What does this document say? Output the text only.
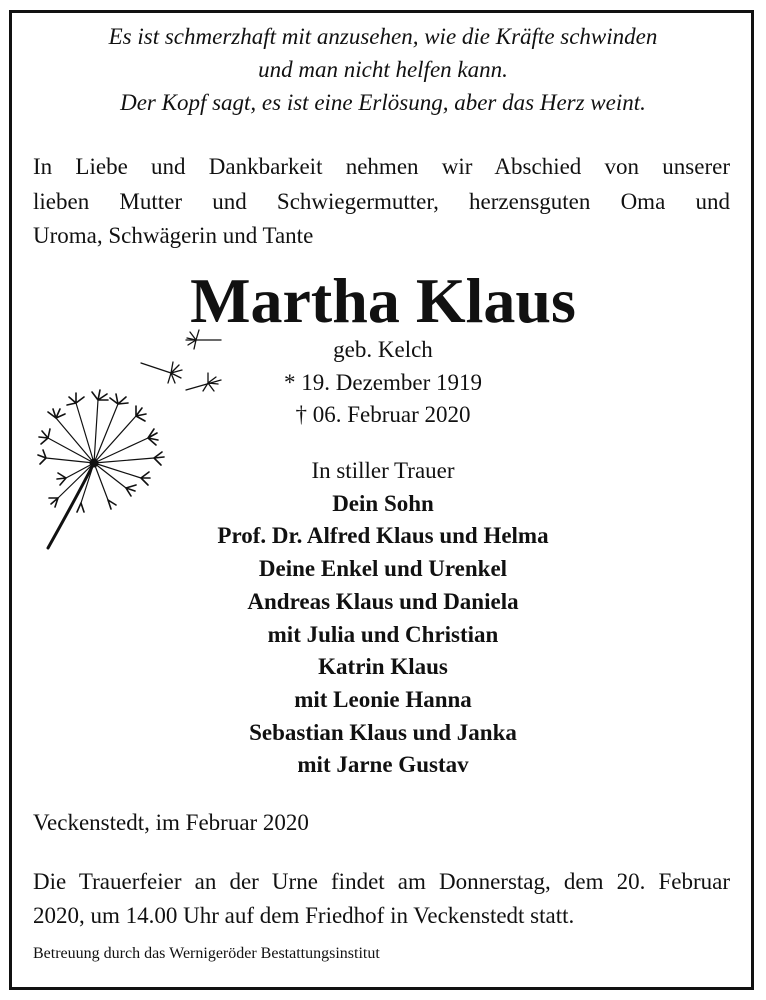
Es ist schmerzhaft mit anzusehen, wie die Kräfte schwinden
und man nicht helfen kann.
Der Kopf sagt, es ist eine Erlösung, aber das Herz weint.
In Liebe und Dankbarkeit nehmen wir Abschied von unserer
lieben Mutter und Schwiegermutter, herzensguten Oma und
Uroma, Schwägerin und Tante
Martha Klaus
geb. Kelch
* 19. Dezember 1919
† 06. Februar 2020
In stiller Trauer
Dein Sohn
Prof. Dr. Alfred Klaus und Helma
Deine Enkel und Urenkel
Andreas Klaus und Daniela
mit Julia und Christian
Katrin Klaus
mit Leonie Hanna
Sebastian Klaus und Janka
mit Jarne Gustav
Veckenstedt, im Februar 2020
Die Trauerfeier an der Urne findet am Donnerstag, dem 20. Februar
2020, um 14.00 Uhr auf dem Friedhof in Veckenstedt statt.
Betreuung durch das Wernigeröder Bestattungsinstitut
